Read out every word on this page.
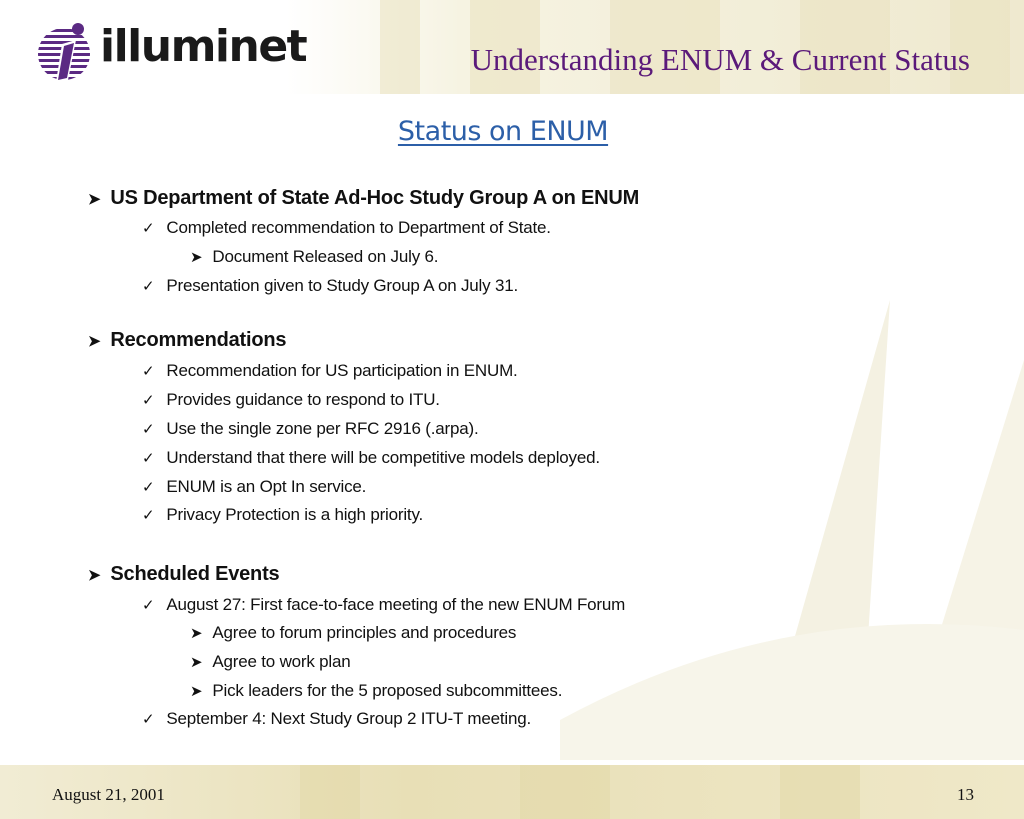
illuminet	Understanding ENUM & Current Status
Status on ENUM
➤ US Department of State Ad-Hoc Study Group A on ENUM
✓ Completed recommendation to Department of State.
➤ Document Released on July 6.
✓ Presentation given to Study Group A on July 31.
➤ Recommendations
✓ Recommendation for US participation in ENUM.
✓ Provides guidance to respond to ITU.
✓ Use the single zone per RFC 2916 (.arpa).
✓ Understand that there will be competitive models deployed.
✓ ENUM is an Opt In service.
✓ Privacy Protection is a high priority.
➤ Scheduled Events
✓ August 27: First face-to-face meeting of the new ENUM Forum
➤ Agree to forum principles and procedures
➤ Agree to work plan
➤ Pick leaders for the 5 proposed subcommittees.
✓ September 4: Next Study Group 2 ITU-T meeting.
August 21, 2001	13
